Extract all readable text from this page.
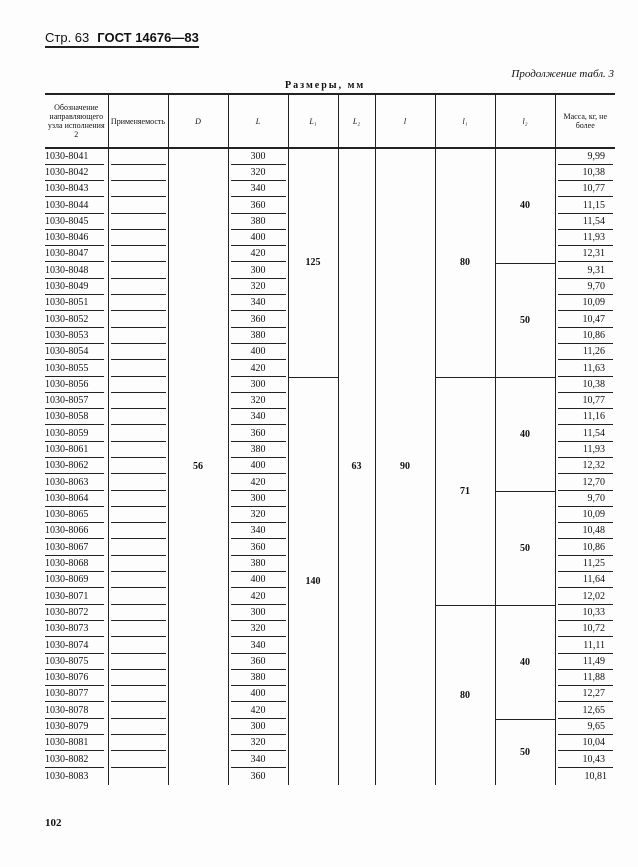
Стр. 63 ГОСТ 14676—83
Продолжение табл. 3
Размеры, мм
Обозначение направляющего узла исполнения 2	Применяемость	D	L	L₁	L₂	l	l₁	l₂	Масса, кг, не более

1030-8041		56	300	125	63	90	80	40	9,99

1030-8042			320						10,38

1030-8043			340						10,77

1030-8044			360						11,15

1030-8045			380						11,54

1030-8046			400						11,93

1030-8047			420						12,31

1030-8048			300					50	9,31

1030-8049			320						9,70

1030-8051			340						10,09

1030-8052			360						10,47

1030-8053			380						10,86

1030-8054			400						11,26

1030-8055			420						11,63

1030-8056			300	140			71	40	10,38

1030-8057			320						10,77

1030-8058			340						11,16

1030-8059			360						11,54

1030-8061			380						11,93

1030-8062			400						12,32

1030-8063			420						12,70

1030-8064			300					50	9,70

1030-8065			320						10,09

1030-8066			340						10,48

1030-8067			360						10,86

1030-8068			380						11,25

1030-8069			400						11,64

1030-8071			420						12,02

1030-8072			300				80	40	10,33

1030-8073			320						10,72

1030-8074			340						11,11

1030-8075			360						11,49

1030-8076			380						11,88

1030-8077			400						12,27

1030-8078			420						12,65

1030-8079			300					50	9,65

1030-8081			320						10,04

1030-8082			340						10,43

1030-8083			360						10,81
102
